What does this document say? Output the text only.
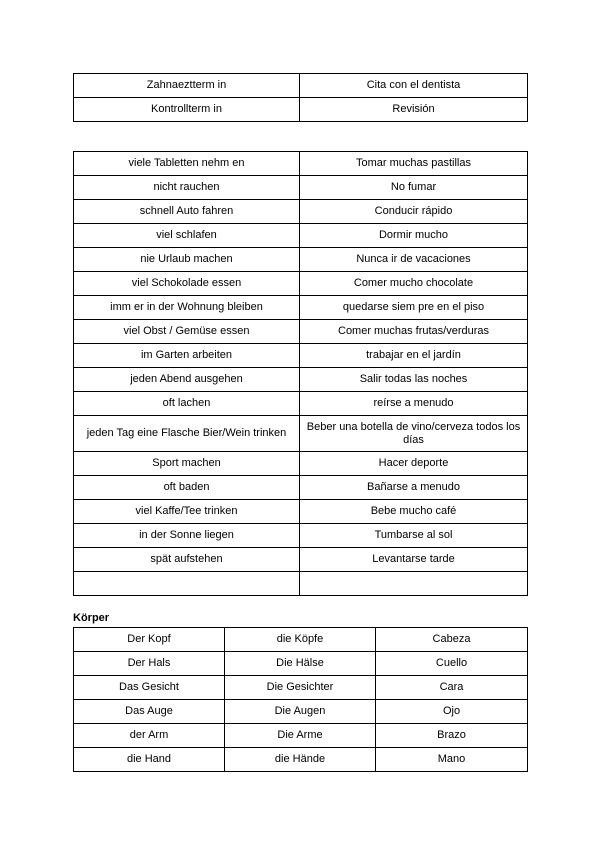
Zahnaeztterm in	Cita con el dentista
Kontrollterm in	Revisión
viele Tabletten nehm en	Tomar muchas pastillas
nicht rauchen	No fumar
schnell Auto fahren	Conducir rápido
viel schlafen	Dormir mucho
nie Urlaub machen	Nunca ir de vacaciones
viel Schokolade essen	Comer mucho chocolate
imm er in der Wohnung bleiben	quedarse siem pre en el piso
viel Obst / Gemüse essen	Comer muchas frutas/verduras
im Garten arbeiten	trabajar en el jardín
jeden Abend ausgehen	Salir todas las noches
oft lachen	reírse a menudo
jeden Tag eine Flasche Bier/Wein trinken	Beber una botella de vino/cerveza todos los días
Sport machen	Hacer deporte
oft baden	Bañarse a menudo
viel Kaffe/Tee trinken	Bebe mucho café
in der Sonne liegen	Tumbarse al sol
spät aufstehen	Levantarse tarde

Körper
Der Kopf	die Köpfe	Cabeza
Der Hals	Die Hälse	Cuello
Das Gesicht	Die Gesichter	Cara
Das Auge	Die Augen	Ojo
der Arm	Die Arme	Brazo
die Hand	die Hände	Mano
